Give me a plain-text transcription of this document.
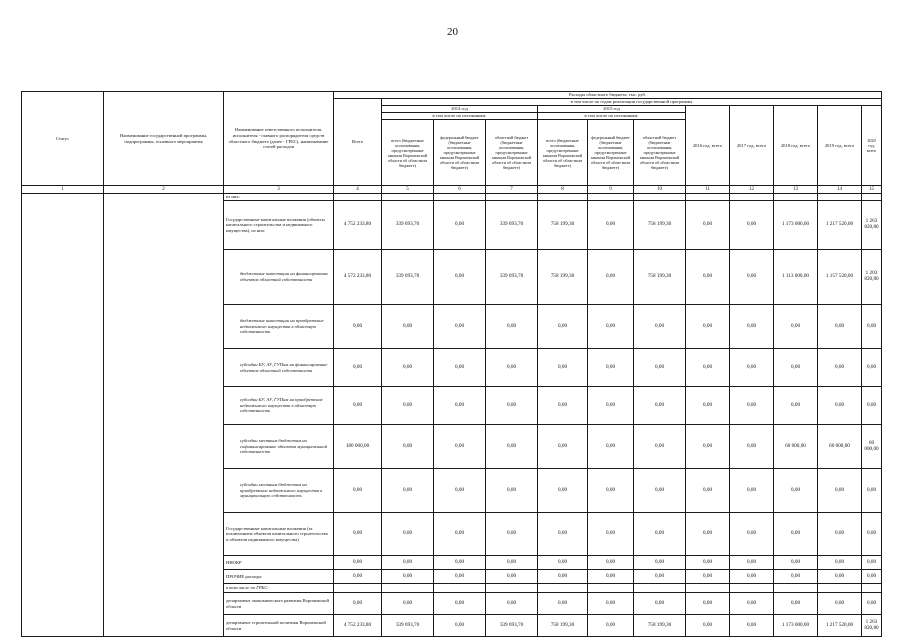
20
Статус	Наименование государственной программы, подпрограммы, основного мероприятия	Наименование ответственного исполнителя, исполнителя - главного распорядителя средств областного бюджета (далее - ГРБС), наименование статей расходов	Расходы областного бюджета, тыс. руб.											
			Всего	в том числе по годам реализации государственной программы										
				2014 год			2015 год			2016 год, всего	2017 год, всего	2018 год, всего	2019 год, всего	2020 год, всего
				в том числе по источникам:			в том числе по источникам:							
				всего (бюджетные ассигнования, предусмотренные законом Воронежской области об областном бюджете)	федеральный бюджет (бюджетные ассигнования, предусмотренные законом Воронежской области об областном бюджете)	областной бюджет (бюджетные ассигнования, предусмотренные законом Воронежской области об областном бюджете)	всего (бюджетные ассигнования, предусмотренные законом Воронежской области об областном бюджете)	федеральный бюджет (бюджетные ассигнования, предусмотренные законом Воронежской области об областном бюджете)	областной бюджет (бюджетные ассигнования, предусмотренные законом Воронежской области об областном бюджете)					
1	2	3	4	5	6	7	8	9	10	11	12	13	14	15
		из них:												
		Государственные капитальные вложения (объекты капитального строительства и недвижимого имущества), из них:	4 752 233,80	339 693,70	0,00	339 693,70	758 199,30	0,00	758 199,30	0,00	0,00	1 173 000,00	1 217 520,00	1 263 820,80
		бюджетные инвестиции на финансирование объектов областной собственности	4 572 233,80	339 693,70	0,00	339 693,70	758 199,30	0,00	758 199,30	0,00	0,00	1 113 000,00	1 157 520,00	1 203 820,80
		бюджетные инвестиции на приобретение недвижимого имущества в областную собственность	0,00	0,00	0,00	0,00	0,00	0,00	0,00	0,00	0,00	0,00	0,00	0,00
		субсидии БУ, АУ, ГУПам на финансирование объектов областной собственности	0,00	0,00	0,00	0,00	0,00	0,00	0,00	0,00	0,00	0,00	0,00	0,00
		субсидии БУ, АУ, ГУПам на приобретение недвижимого имущества в областную собственность	0,00	0,00	0,00	0,00	0,00	0,00	0,00	0,00	0,00	0,00	0,00	0,00
		субсидии местным бюджетам на софинансирование объектов муниципальной собственности	180 000,00	0,00	0,00	0,00	0,00	0,00	0,00	0,00	0,00	60 000,00	60 000,00	60 000,00
		субсидии местным бюджетам на приобретение недвижимого имущества в муниципальную собственность	0,00	0,00	0,00	0,00	0,00	0,00	0,00	0,00	0,00	0,00	0,00	0,00
		Государственные капитальные вложения (за исключением объектов капитального строительства и объектов недвижимого имущества)	0,00	0,00	0,00	0,00	0,00	0,00	0,00	0,00	0,00	0,00	0,00	0,00
		НИОКР	0,00	0,00	0,00	0,00	0,00	0,00	0,00	0,00	0,00	0,00	0,00	0,00
		ПРОЧИЕ расходы	0,00	0,00	0,00	0,00	0,00	0,00	0,00	0,00	0,00	0,00	0,00	0,00
		в том числе по ГРБС:												
		департамент экономического развития Воронежской области	0,00	0,00	0,00	0,00	0,00	0,00	0,00	0,00	0,00	0,00	0,00	0,00
		департамент строительной политики Воронежской области	4 752 233,80	339 693,70	0,00	339 693,70	758 199,30	0,00	758 199,30	0,00	0,00	1 173 000,00	1 217 520,00	1 263 820,80
